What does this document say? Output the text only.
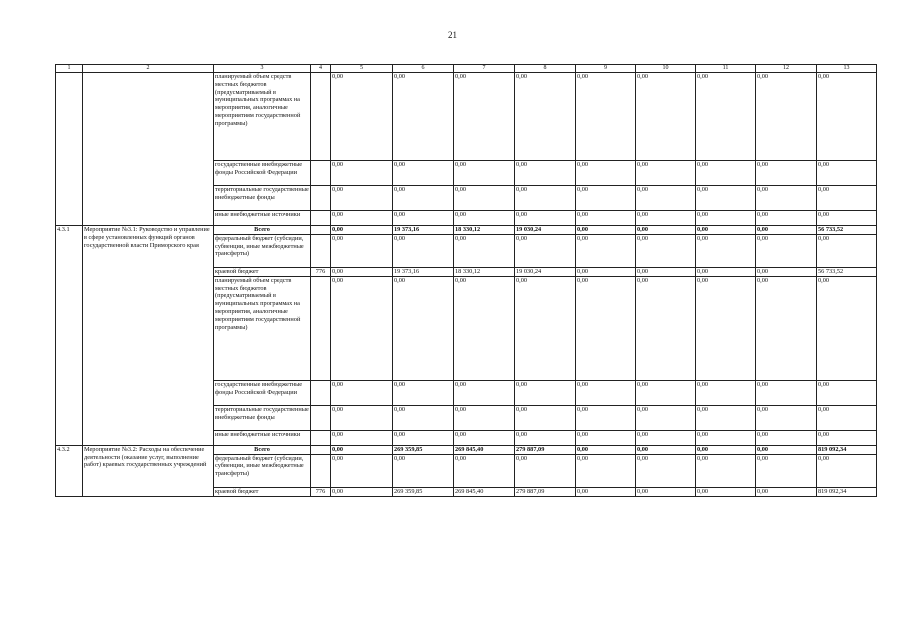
21
1	2	3	4	5	6	7	8	9	10	11	12	13
		планируемый объем средств местных бюджетов (предусматриваемый в муниципальных программах на мероприятия, аналогичные мероприятиям государственной программы)		0,00	0,00	0,00	0,00	0,00	0,00	0,00	0,00	0,00
		государственные внебюджетные фонды Российской Федерации		0,00	0,00	0,00	0,00	0,00	0,00	0,00	0,00	0,00
		территориальные государственные внебюджетные фонды		0,00	0,00	0,00	0,00	0,00	0,00	0,00	0,00	0,00
		иные внебюджетные источники		0,00	0,00	0,00	0,00	0,00	0,00	0,00	0,00	0,00
4.3.1	Мероприятие №3.1: Руководство и управление в сфере установленных функций органов государственной власти Приморского края	Всего		0,00	19 373,16	18 330,12	19 030,24	0,00	0,00	0,00	0,00	56 733,52
		федеральный бюджет (субсидии, субвенции, иные межбюджетные трансферты)		0,00	0,00	0,00	0,00	0,00	0,00	0,00	0,00	0,00
		краевой бюджет	776	0,00	19 373,16	18 330,12	19 030,24	0,00	0,00	0,00	0,00	56 733,52
		планируемый объем средств местных бюджетов (предусматриваемый в муниципальных программах на мероприятия, аналогичные мероприятиям государственной программы)		0,00	0,00	0,00	0,00	0,00	0,00	0,00	0,00	0,00
		государственные внебюджетные фонды Российской Федерации		0,00	0,00	0,00	0,00	0,00	0,00	0,00	0,00	0,00
		территориальные государственные внебюджетные фонды		0,00	0,00	0,00	0,00	0,00	0,00	0,00	0,00	0,00
		иные внебюджетные источники		0,00	0,00	0,00	0,00	0,00	0,00	0,00	0,00	0,00
4.3.2	Мероприятие №3.2: Расходы на обеспечение деятельности (оказание услуг, выполнение работ) краевых государственных учреждений	Всего		0,00	269 359,85	269 845,40	279 887,09	0,00	0,00	0,00	0,00	819 092,34
		федеральный бюджет (субсидии, субвенции, иные межбюджетные трансферты)		0,00	0,00	0,00	0,00	0,00	0,00	0,00	0,00	0,00
		краевой бюджет	776	0,00	269 359,85	269 845,40	279 887,09	0,00	0,00	0,00	0,00	819 092,34
